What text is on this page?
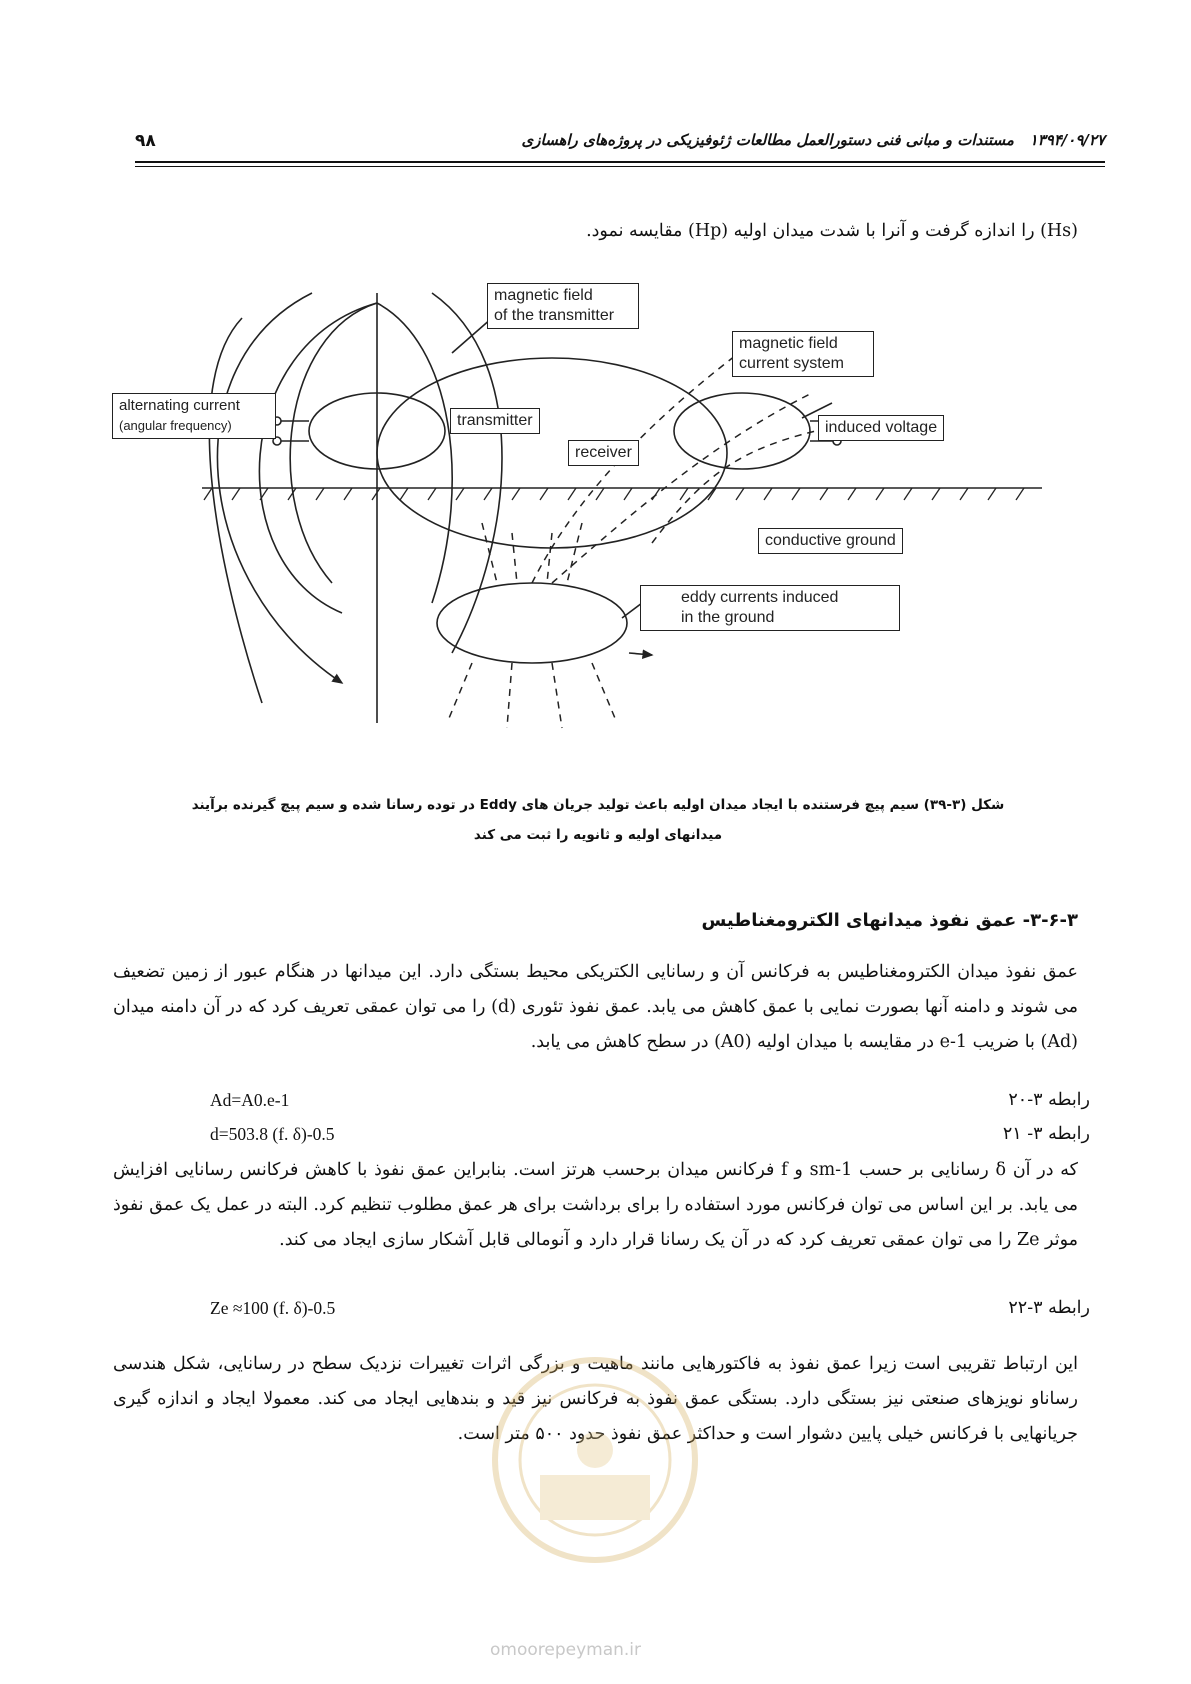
۹۸	۱۳۹۴/۰۹/۲۷   مستندات و مبانی فنی دستورالعمل مطالعات ژئوفیزیکی در پروژه‌های راهسازی
(Hs) را اندازه گرفت و آنرا با شدت میدان اولیه (Hp) مقایسه نمود.
magnetic field
of the transmitter
magnetic field
current system
alternating current
(angular frequency)	transmitter
receiver
induced voltage
conductive ground
eddy currents induced
in the ground
شکل (۳-۳۹) سیم پیچ فرستنده با ایجاد میدان اولیه باعث تولید جریان های Eddy در توده رسانا شده و سیم پیچ گیرنده برآیند
میدانهای اولیه و ثانویه را ثبت می کند
۳-۶-۳- عمق نفوذ میدانهای الکترومغناطیس
عمق نفوذ میدان الکترومغناطیس به فرکانس آن و رسانایی الکتریکی محیط بستگی دارد. این میدانها در هنگام عبور از زمین تضعیف می شوند و دامنه آنها بصورت نمایی با عمق کاهش می یابد. عمق نفوذ تئوری (d) را می توان عمقی تعریف کرد که در آن دامنه میدان (Ad) با ضریب e-1 در مقایسه با میدان اولیه (A0) در سطح کاهش می یابد.
Ad=A0.e-1	رابطه ۳-۲۰
d=503.8 (f. δ)-0.5	رابطه ۳- ۲۱
که در آن δ رسانایی بر حسب sm-1 و f فرکانس میدان برحسب هرتز است. بنابراین عمق نفوذ با کاهش فرکانس رسانایی افزایش می یابد. بر این اساس می توان فرکانس مورد استفاده را برای برداشت برای هر عمق مطلوب تنظیم کرد. البته در عمل یک عمق نفوذ موثر Ze را می توان عمقی تعریف کرد که در آن یک رسانا قرار دارد و آنومالی قابل آشکار سازی ایجاد می کند.
Ze ≈100 (f. δ)-0.5	رابطه ۳-۲۲
این ارتباط تقریبی است زیرا عمق نفوذ به فاکتورهایی مانند ماهیت و بزرگی اثرات تغییرات نزدیک سطح در رسانایی، شکل هندسی رساناو نویزهای صنعتی نیز بستگی دارد. بستگی عمق نفوذ به فرکانس نیز قید و بندهایی ایجاد می کند. معمولا ایجاد و اندازه گیری جریانهایی با فرکانس خیلی پایین دشوار است و حداکثر عمق نفوذ حدود ۵۰۰ متر است.
omoorepeyman.ir
